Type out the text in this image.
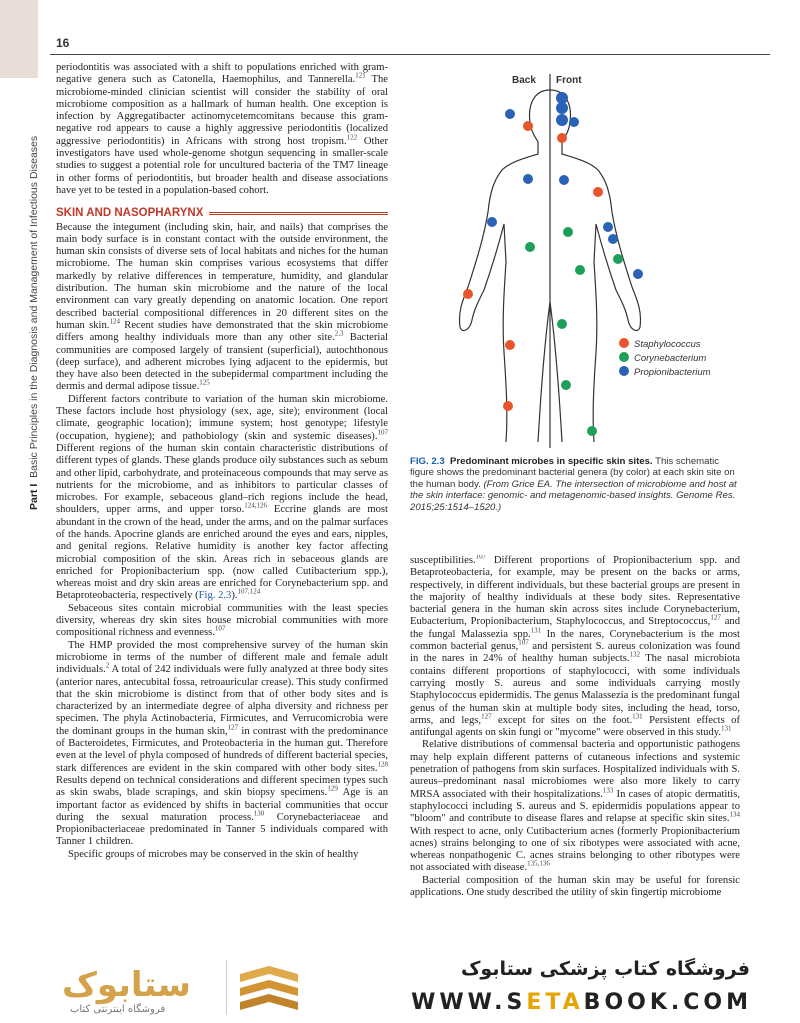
16
Part I  Basic Principles in the Diagnosis and Management of Infectious Diseases

periodontitis was associated with a shift to populations enriched with gram-negative genera such as Catonella, Haemophilus, and Tannerella.$^{121}$ The microbiome-minded clinician scientist will consider the stability of oral microbiome composition as a hallmark of human health. One exception is infection by Aggregatibacter actinomycetemcomitans because this gram-negative rod appears to cause a highly aggressive periodontitis (localized aggressive periodontitis) in Africans with strong host tropism.$^{122}$ Other investigators have used whole-genome shotgun sequencing in smaller-scale studies to suggest a potential role for uncultured bacteria of the TM7 lineage in other forms of periodontitis, but broader health and disease associations have yet to be tested in a population-based cohort.

SKIN AND NASOPHARYNX

Because the integument (including skin, hair, and nails) that comprises the main body surface is in constant contact with the outside environment, the human skin consists of diverse sets of local habitats and niches for the human microbiome. The human skin comprises various ecosystems that differ markedly by relative differences in temperature, humidity, and glandular distribution. The human skin microbiome and the nature of the local environment can vary greatly depending on anatomic location. One report described bacterial compositional differences in 20 different sites on the human skin.$^{124}$ Recent studies have demonstrated that the skin microbiome differs among healthy individuals more than any other site.$^{2,3}$ Bacterial communities are composed largely of transient (superficial), autochthonous (deep surface), and adherent microbes lying adjacent to the epidermis, but they have also been detected in the subepidermal compartment including the dermis and dermal adipose tissue.$^{125}$

Different factors contribute to variation of the human skin microbiome. These factors include host physiology (sex, age, site); environment (local climate, geographic location); immune system; host genotype; lifestyle (occupation, hygiene); and pathobiology (skin and systemic diseases).$^{107}$ Different regions of the human skin contain characteristic distributions of different types of glands. These glands produce oily substances such as sebum and other lipid, carbohydrate, and proteinaceous compounds that may serve as nutrients for the microbiome, and as inhibitors to particular classes of microbes. For example, sebaceous gland–rich regions include the head, shoulders, upper arms, and upper torso.$^{124,126}$ Eccrine glands are most abundant in the crown of the head, under the arms, and on the palmar surfaces of the hands. Apocrine glands are enriched around the eyes and ears, nipples, and genital regions. Relative humidity is another key factor affecting microbial composition of the skin. Areas rich in sebaceous glands are enriched for Propionibacterium spp. (now called Cutibacterium spp.), whereas moist and dry skin areas are enriched for Corynebacterium spp. and Betaproteobacteria, respectively (Fig. 2.3).$^{107,124}$

Sebaceous sites contain microbial communities with the least species diversity, whereas dry skin sites house microbial communities with more compositional richness and evenness.$^{107}$

The HMP provided the most comprehensive survey of the human skin microbiome in terms of the number of different male and female adult individuals.$^2$ A total of 242 individuals were fully analyzed at three body sites (anterior nares, antecubital fossa, retroauricular crease). This study confirmed that the skin microbiome is distinct from that of other body sites and is characterized by an intermediate degree of alpha diversity and richness per specimen. The phyla Actinobacteria, Firmicutes, and Verrucomicrobia were the dominant groups in the human skin,$^{127}$ in contrast with the predominance of Bacteroidetes, Firmicutes, and Proteobacteria in the human gut. Therefore even at the level of phyla composed of hundreds of different bacterial species, stark differences are evident in the skin compared with other body sites.$^{128}$ Results depend on technical considerations and different specimen types such as skin swabs, blade scrapings, and skin biopsy specimens.$^{129}$ Age is an important factor as evidenced by shifts in bacterial communities that occur during the sexual maturation process.$^{130}$ Corynebacteriaceae and Propionibacteriaceae predominated in Tanner 5 individuals compared with Tanner 1 children.

Specific groups of microbes may be conserved in the skin of healthy

Back Front
Staphylococcus
Corynebacterium
Propionibacterium
FIG. 2.3 Predominant microbes in specific skin sites. This schematic figure shows the predominant bacterial genera (by color) at each skin site on the human body. (From Grice EA. The intersection of microbiome and host at the skin interface: genomic- and metagenomic-based insights. Genome Res. 2015;25:1514–1520.)

susceptibilities.$^{107}$ Different proportions of Propionibacterium spp. and Betaproteobacteria, for example, may be present on the backs or arms, respectively, in different individuals, but these bacterial groups are present in the majority of healthy individuals at these body sites. Representative bacterial genera in the human skin across sites include Corynebacterium, Eubacterium, Propionibacterium, Staphylococcus, and Streptococcus,$^{127}$ and the fungal Malassezia spp.$^{131}$ In the nares, Corynebacterium is the most common bacterial genus,$^{107}$ and persistent S. aureus colonization was found in the nares in 24% of healthy human subjects.$^{132}$ The nasal microbiota contains different proportions of staphylococci, with some individuals carrying mostly S. aureus and some individuals carrying mostly Staphylococcus epidermidis. The genus Malassezia is the predominant fungal genus of the human skin at multiple body sites, including the head, torso, arms, and legs,$^{127}$ except for sites on the foot.$^{131}$ Persistent effects of antifungal agents on skin fungi or "mycome" were observed in this study.$^{131}$

Relative distributions of commensal bacteria and opportunistic pathogens may help explain different patterns of cutaneous infections and systemic penetration of pathogens from skin surfaces. Hospitalized individuals with S. aureus–predominant nasal microbiomes were also more likely to carry MRSA associated with their hospitalizations.$^{133}$ In cases of atopic dermatitis, staphylococci including S. aureus and S. epidermidis populations appear to "bloom" and contribute to disease flares and relapse at specific skin sites.$^{134}$ With respect to acne, only Cutibacterium acnes (formerly Propionibacterium acnes) strains belonging to one of six ribotypes were associated with acne, whereas nonpathogenic C. acnes strains belonging to other ribotypes were not associated with disease.$^{135,136}$

Bacterial composition of the human skin may be useful for forensic applications. One study described the utility of skin fingertip microbiome

ستابوک
فروشگاه اینترنتی کتاب
فروشگاه کتاب پزشکی ستابوک
WWW.SETABOOK.COM
